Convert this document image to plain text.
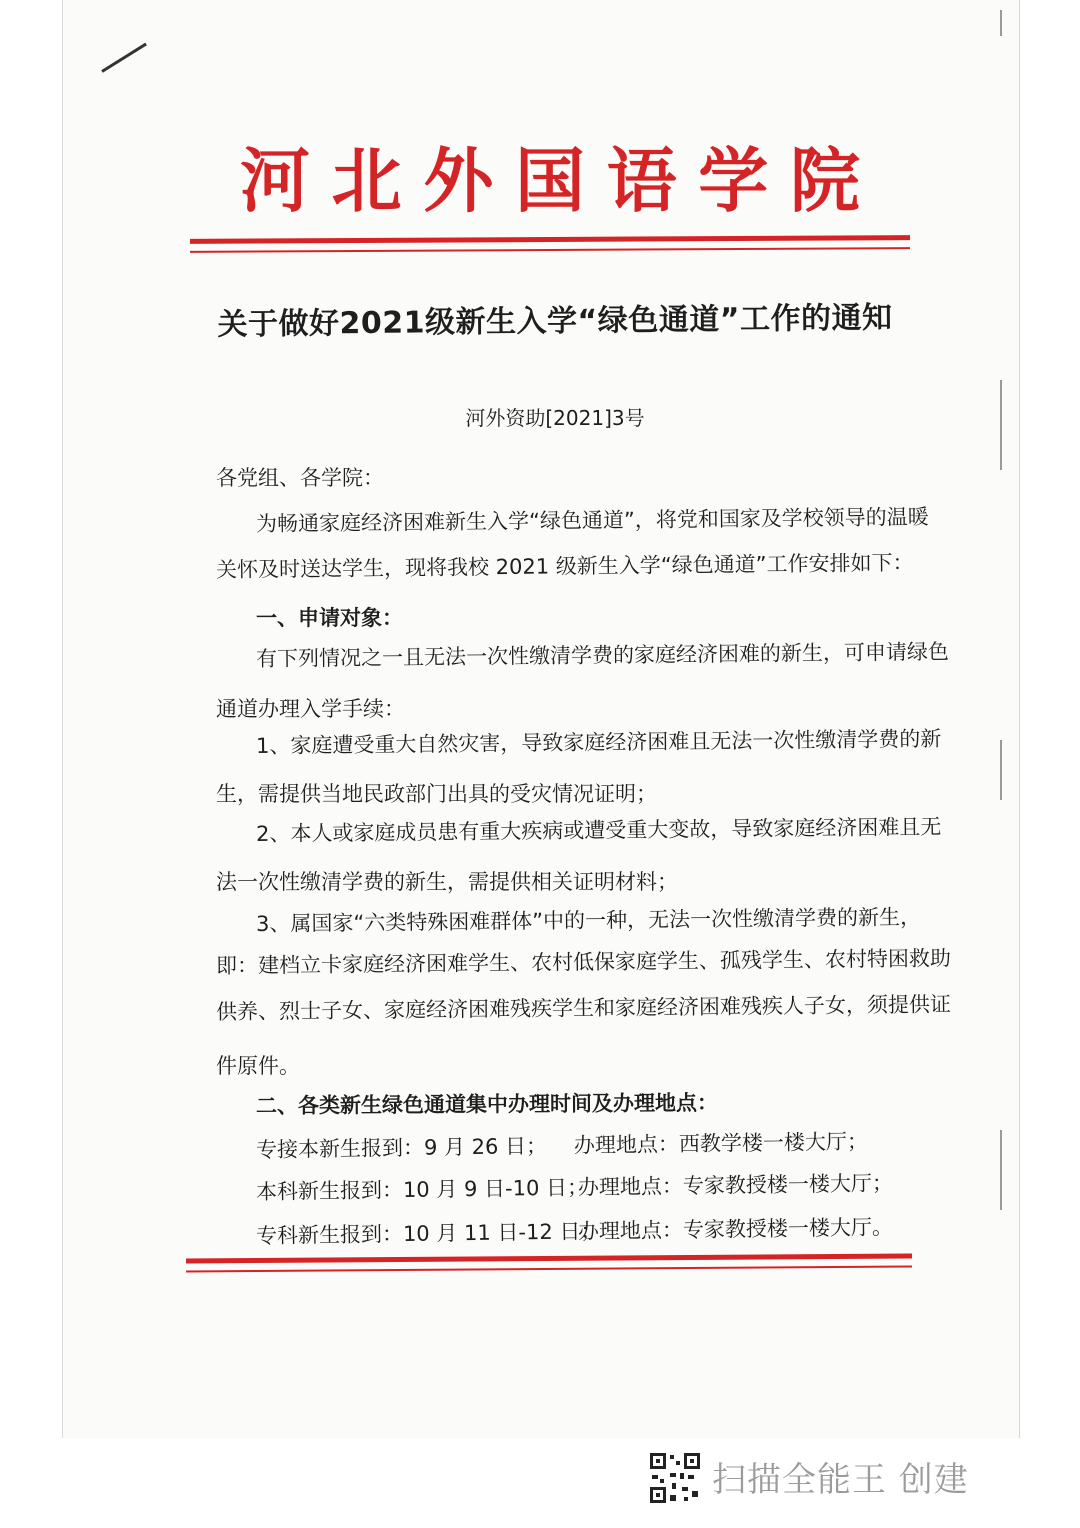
河 北 外 国 语 学 院
关于做好2021级新生入学“绿色通道”工作的通知
河外资助[2021]3号
各党组、各学院：
为畅通家庭经济困难新生入学“绿色通道”，将党和国家及学校领导的温暖
关怀及时送达学生，现将我校 2021 级新生入学“绿色通道”工作安排如下：
一、申请对象：
有下列情况之一且无法一次性缴清学费的家庭经济困难的新生，可申请绿色
通道办理入学手续：
1、家庭遭受重大自然灾害，导致家庭经济困难且无法一次性缴清学费的新
生，需提供当地民政部门出具的受灾情况证明；
2、本人或家庭成员患有重大疾病或遭受重大变故，导致家庭经济困难且无
法一次性缴清学费的新生，需提供相关证明材料；
3、属国家“六类特殊困难群体”中的一种，无法一次性缴清学费的新生，
即：建档立卡家庭经济困难学生、农村低保家庭学生、孤残学生、农村特困救助
供养、烈士子女、家庭经济困难残疾学生和家庭经济困难残疾人子女，须提供证
件原件。
二、各类新生绿色通道集中办理时间及办理地点：
专接本新生报到：9 月 26 日； 办理地点：西教学楼一楼大厅；
本科新生报到：10 月 9 日-10 日；
办理地点：专家教授楼一楼大厅；
专科新生报到：10 月 11 日-12 日；
办理地点：专家教授楼一楼大厅。
扫描全能王 创建
